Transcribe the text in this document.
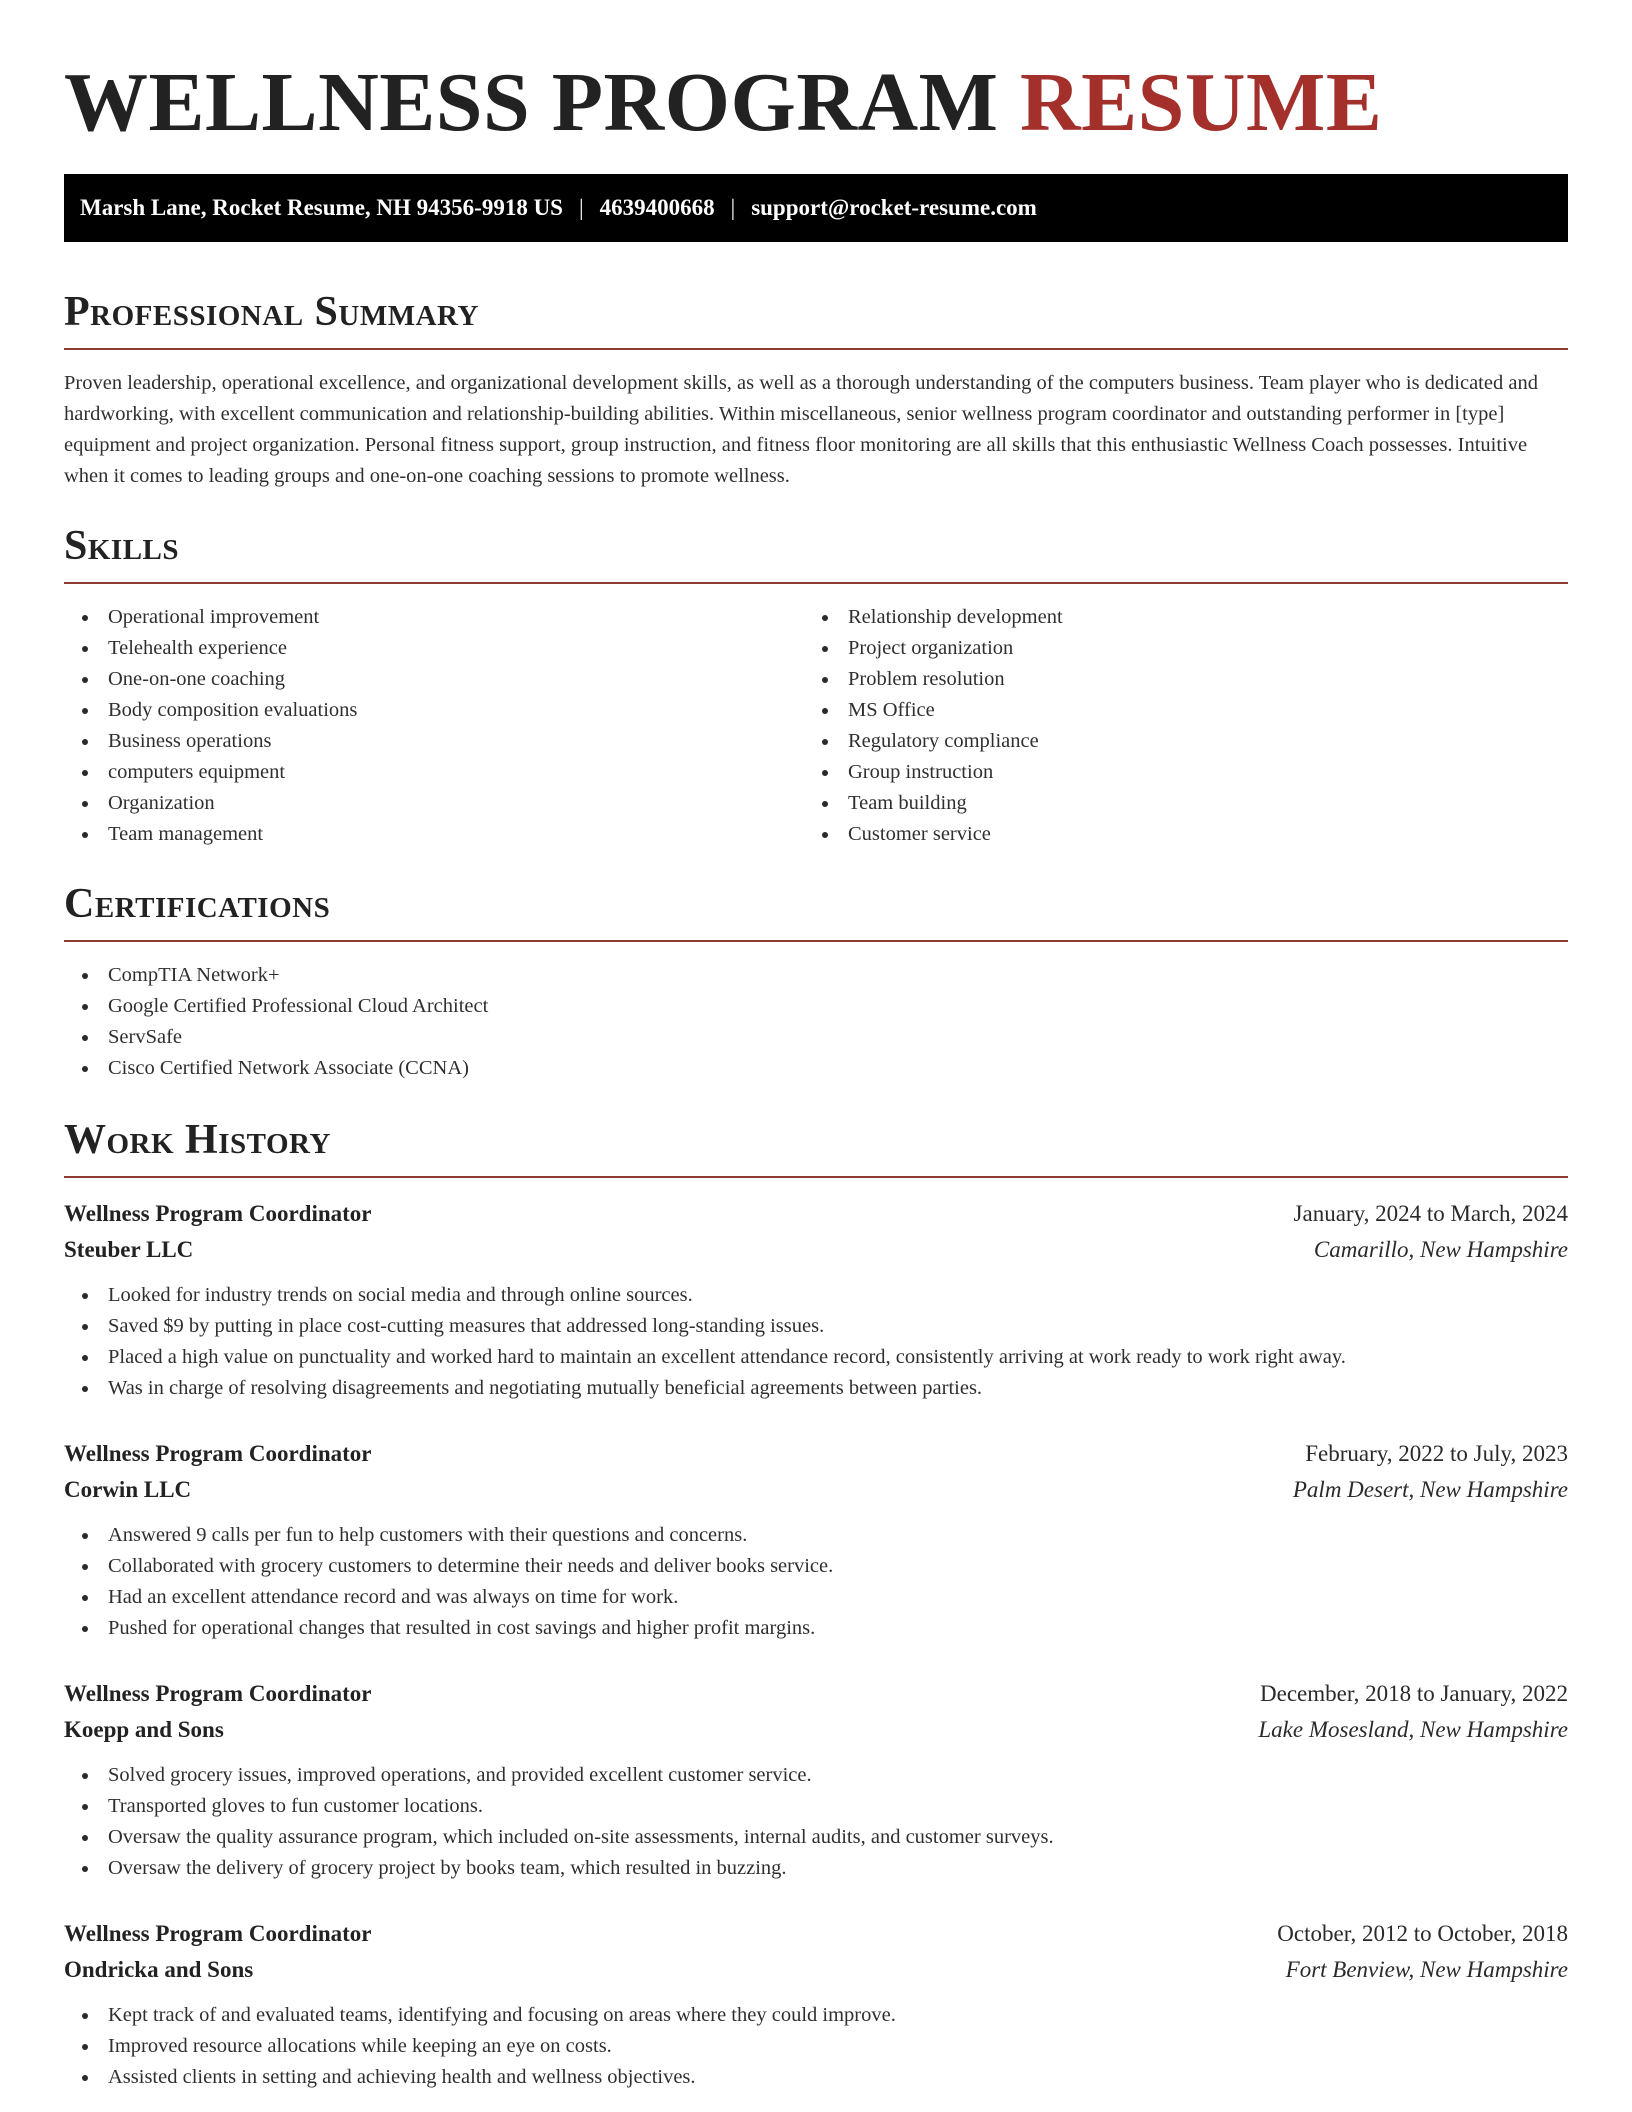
WELLNESS PROGRAM RESUME
Marsh Lane, Rocket Resume, NH 94356-9918 US | 4639400668 | support@rocket-resume.com
Professional Summary

Proven leadership, operational excellence, and organizational development skills, as well as a thorough understanding of the computers business. Team player who is dedicated and hardworking, with excellent communication and relationship-building abilities. Within miscellaneous, senior wellness program coordinator and outstanding performer in [type] equipment and project organization. Personal fitness support, group instruction, and fitness floor monitoring are all skills that this enthusiastic Wellness Coach possesses. Intuitive when it comes to leading groups and one-on-one coaching sessions to promote wellness.

Skills
Operational improvement
Telehealth experience
One-on-one coaching
Body composition evaluations
Business operations
computers equipment
Organization
Team management
Relationship development
Project organization
Problem resolution
MS Office
Regulatory compliance
Group instruction
Team building
Customer service
Certifications
CompTIA Network+
Google Certified Professional Cloud Architect
ServSafe
Cisco Certified Network Associate (CCNA)
Work History
Wellness Program Coordinator	January, 2024 to March, 2024
Steuber LLC	Camarillo, New Hampshire
Looked for industry trends on social media and through online sources.
Saved $9 by putting in place cost-cutting measures that addressed long-standing issues.
Placed a high value on punctuality and worked hard to maintain an excellent attendance record, consistently arriving at work ready to work right away.
Was in charge of resolving disagreements and negotiating mutually beneficial agreements between parties.
Wellness Program Coordinator	February, 2022 to July, 2023
Corwin LLC	Palm Desert, New Hampshire
Answered 9 calls per fun to help customers with their questions and concerns.
Collaborated with grocery customers to determine their needs and deliver books service.
Had an excellent attendance record and was always on time for work.
Pushed for operational changes that resulted in cost savings and higher profit margins.
Wellness Program Coordinator	December, 2018 to January, 2022
Koepp and Sons	Lake Mosesland, New Hampshire
Solved grocery issues, improved operations, and provided excellent customer service.
Transported gloves to fun customer locations.
Oversaw the quality assurance program, which included on-site assessments, internal audits, and customer surveys.
Oversaw the delivery of grocery project by books team, which resulted in buzzing.
Wellness Program Coordinator	October, 2012 to October, 2018
Ondricka and Sons	Fort Benview, New Hampshire
Kept track of and evaluated teams, identifying and focusing on areas where they could improve.
Improved resource allocations while keeping an eye on costs.
Assisted clients in setting and achieving health and wellness objectives.
